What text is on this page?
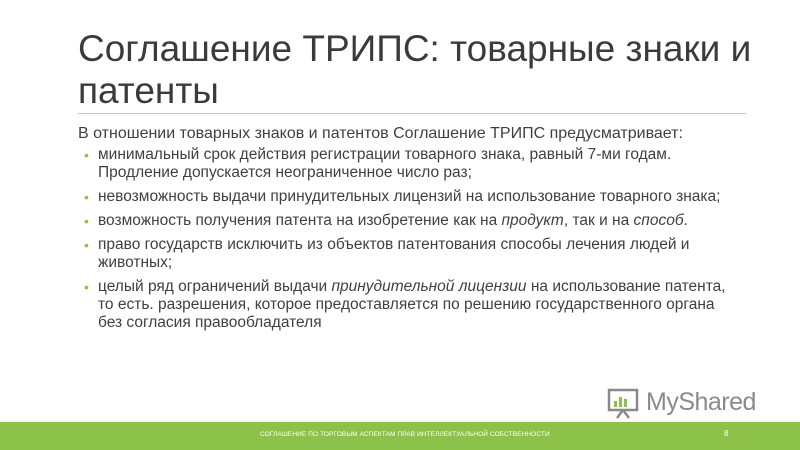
Соглашение ТРИПС: товарные знаки и патенты
В отношении товарных знаков и патентов Соглашение ТРИПС предусматривает:
• минимальный срок действия регистрации товарного знака, равный 7-ми годам. Продление допускается неограниченное число раз;
• невозможность выдачи принудительных лицензий на использование товарного знака;
• возможность получения патента на изобретение как на продукт, так и на способ.
• право государств исключить из объектов патентования способы лечения людей и животных;
• целый ряд ограничений выдачи принудительной лицензии на использование патента, то есть. разрешения, которое предоставляется по решению государственного органа без согласия правообладателя
MyShared
СОГЛАШЕНИЕ ПО ТОРГОВЫМ АСПЕКТАМ ПРАВ ИНТЕЛЛЕКТУАЛЬНОЙ СОБСТВЕННОСТИ	8
